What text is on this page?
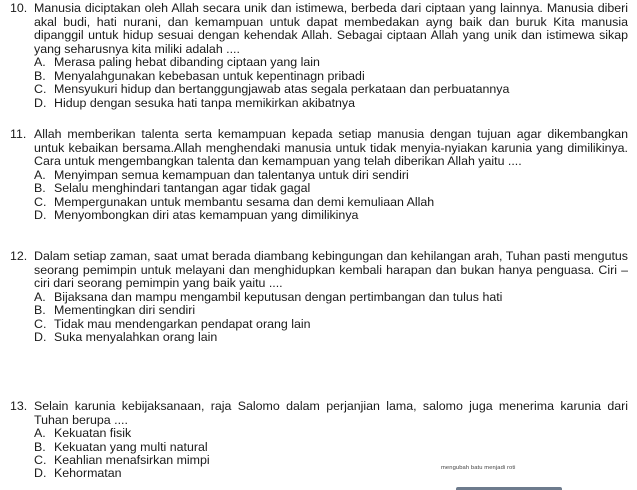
10. Manusia diciptakan oleh Allah secara unik dan istimewa, berbeda dari ciptaan yang lainnya. Manusia diberi akal budi, hati nurani, dan kemampuan untuk dapat membedakan ayng baik dan buruk Kita manusia dipanggil untuk hidup sesuai dengan kehendak Allah. Sebagai ciptaan Allah yang unik dan istimewa sikap yang seharusnya kita miliki adalah ....
A. Merasa paling hebat dibanding ciptaan yang lain
B. Menyalahgunakan kebebasan untuk kepentinagn pribadi
C. Mensyukuri hidup dan bertanggungjawab atas segala perkataan dan perbuatannya
D. Hidup dengan sesuka hati tanpa memikirkan akibatnya
11. Allah memberikan talenta serta kemampuan kepada setiap manusia dengan tujuan agar dikembangkan untuk kebaikan bersama.Allah menghendaki manusia untuk tidak menyia-nyiakan karunia yang dimilikinya. Cara untuk mengembangkan talenta dan kemampuan yang telah diberikan Allah yaitu ....
A. Menyimpan semua kemampuan dan talentanya untuk diri sendiri
B. Selalu menghindari tantangan agar tidak gagal
C. Mempergunakan untuk membantu sesama dan demi kemuliaan Allah
D. Menyombongkan diri atas kemampuan yang dimilikinya
12. Dalam setiap zaman, saat umat berada diambang kebingungan dan kehilangan arah, Tuhan pasti mengutus seorang pemimpin untuk melayani dan menghidupkan kembali harapan dan bukan hanya penguasa. Ciri –ciri dari seorang pemimpin yang baik yaitu ....
A. Bijaksana dan mampu mengambil keputusan dengan pertimbangan dan tulus hati
B. Mementingkan diri sendiri
C. Tidak mau mendengarkan pendapat orang lain
D. Suka menyalahkan orang lain
13. Selain karunia kebijaksanaan, raja Salomo dalam perjanjian lama, salomo juga menerima karunia dari Tuhan berupa ....
A. Kekuatan fisik
B. Kekuatan yang multi natural
C. Keahlian menafsirkan mimpi
D. Kehormatan	mengubah batu menjadi roti
